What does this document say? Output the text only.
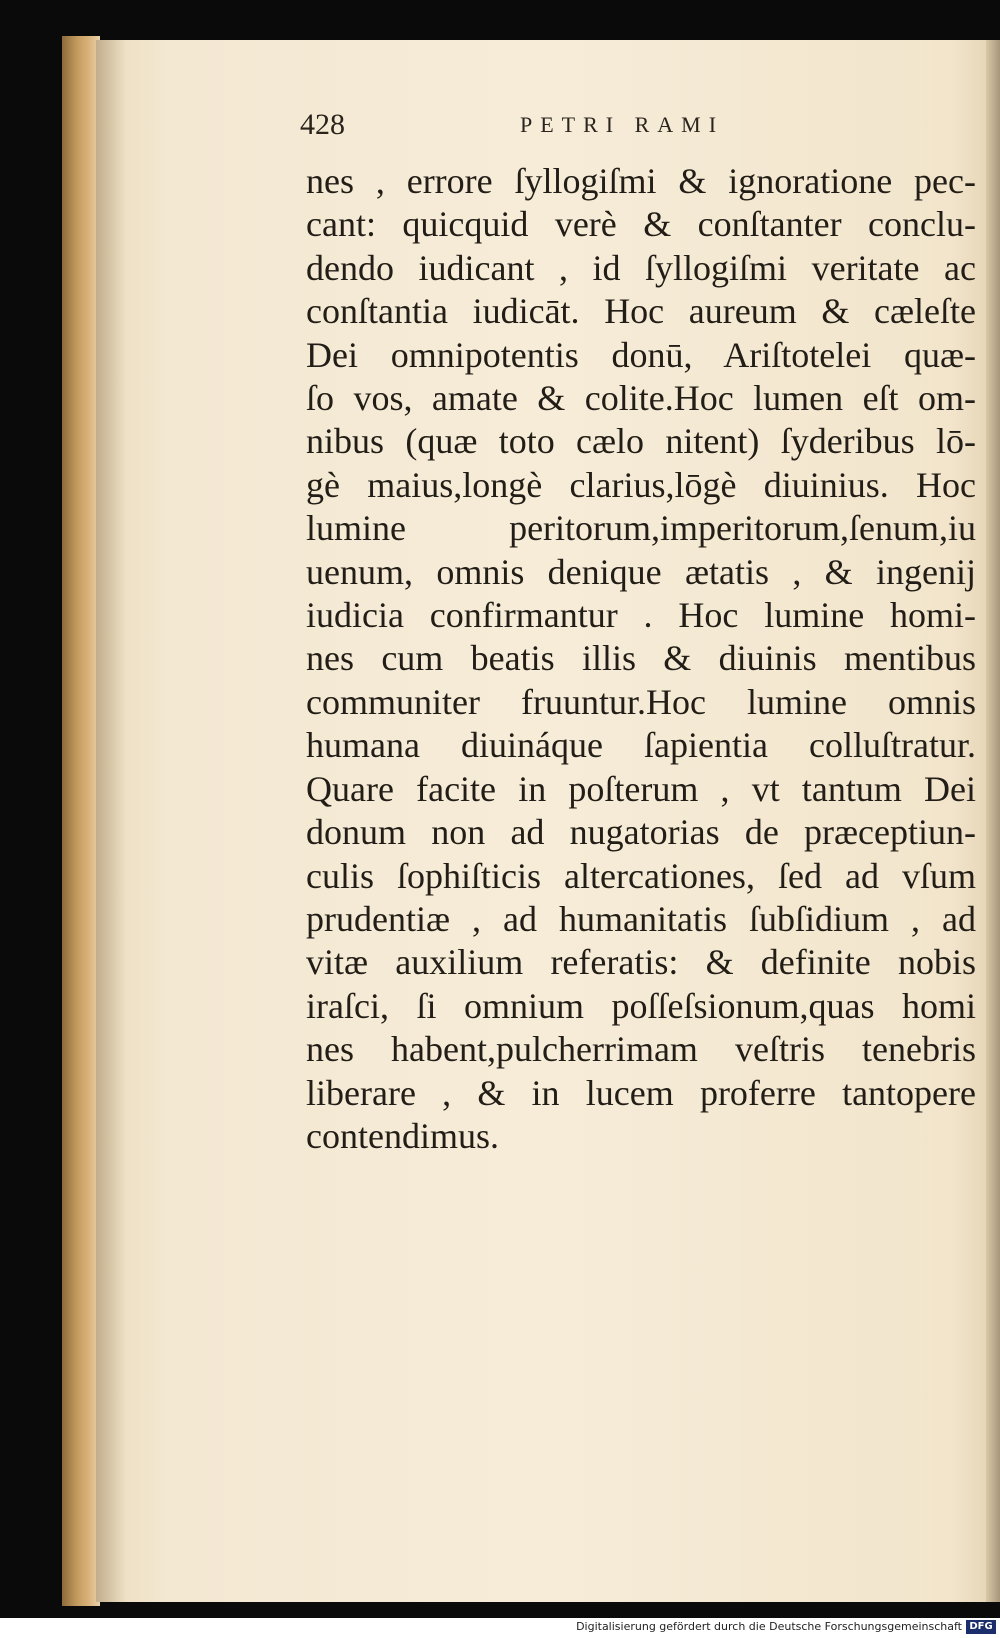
428	PETRI RAMI
nes , errore ſyllogiſmi & ignoratione pec-
cant: quicquid verè & conſtanter conclu-
dendo iudicant , id ſyllogiſmi veritate ac
conſtantia iudicāt. Hoc aureum & cæleſte
Dei omnipotentis donū, Ariſtotelei quæ-
ſo vos, amate & colite.Hoc lumen eſt om-
nibus (quæ toto cælo nitent) ſyderibus lō-
gè maius,longè clarius,lōgè diuinius. Hoc
lumine peritorum,imperitorum,ſenum,iu
uenum, omnis denique ætatis , & ingenij
iudicia confirmantur . Hoc lumine homi-
nes cum beatis illis & diuinis mentibus
communiter fruuntur.Hoc lumine omnis
humana diuináque ſapientia colluſtratur.
Quare facite in poſterum , vt tantum Dei
donum non ad nugatorias de præceptiun-
culis ſophiſticis altercationes, ſed ad vſum
prudentiæ , ad humanitatis ſubſidium , ad
vitæ auxilium referatis: & definite nobis
iraſci, ſi omnium poſſeſsionum,quas homi
nes habent,pulcherrimam veſtris tenebris
liberare , & in lucem proferre tantopere
contendimus.
Digitalisierung gefördert durch die Deutsche Forschungsgemeinschaft DFG
